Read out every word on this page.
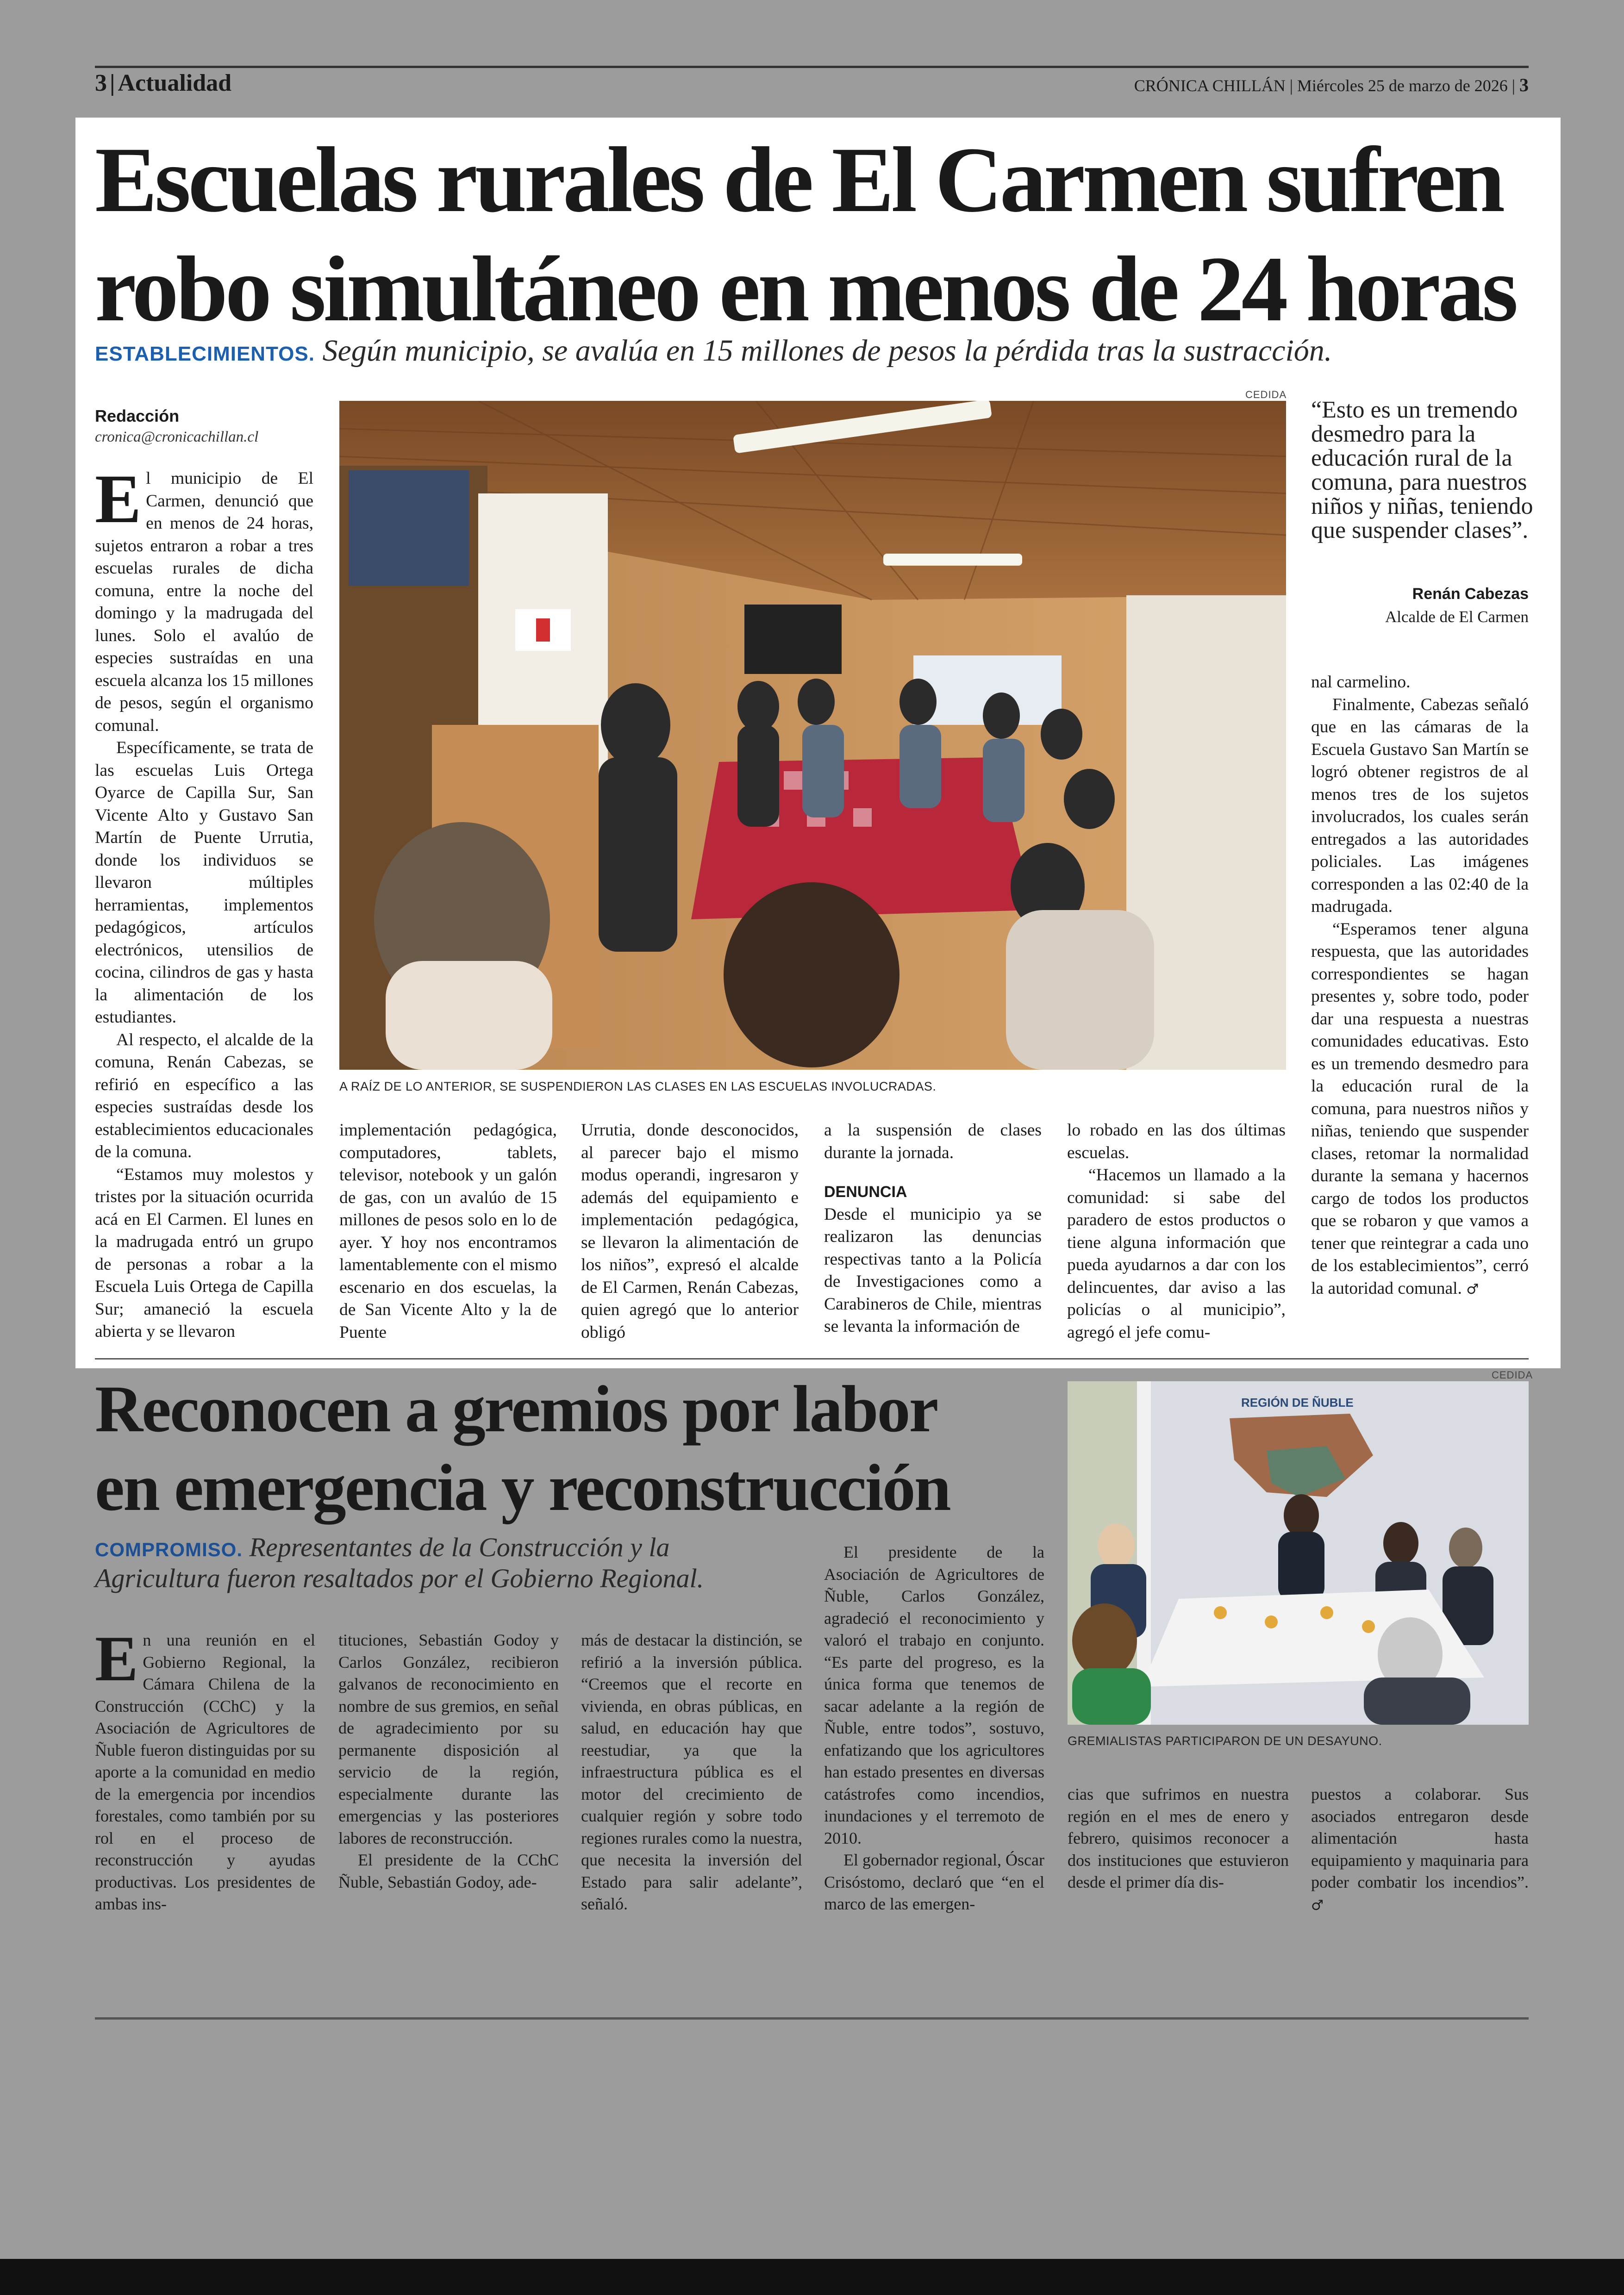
3 | Actualidad	CRÓNICA CHILLÁN | Miércoles 25 de marzo de 2026 | 3
Escuelas rurales de El Carmen sufren
robo simultáneo en menos de 24 horas
ESTABLECIMIENTOS. Según municipio, se avalúa en 15 millones de pesos la pérdida tras la sustracción.
Redacción
cronica@cronicachillan.cl

El municipio de El Carmen, denunció que en menos de 24 horas, sujetos entraron a robar a tres escuelas rurales de dicha comuna, entre la noche del domingo y la madrugada del lunes. Solo el avalúo de especies sustraídas en una escuela alcanza los 15 millones de pesos, según el organismo comunal.

Específicamente, se trata de las escuelas Luis Ortega Oyarce de Capilla Sur, San Vicente Alto y Gustavo San Martín de Puente Urrutia, donde los individuos se llevaron múltiples herramientas, implementos pedagógicos, artículos electrónicos, utensilios de cocina, cilindros de gas y hasta la alimentación de los estudiantes.

Al respecto, el alcalde de la comuna, Renán Cabezas, se refirió en específico a las especies sustraídas desde los establecimientos educacionales de la comuna.

“Estamos muy molestos y tristes por la situación ocurrida acá en El Carmen. El lunes en la madrugada entró un grupo de personas a robar a la Escuela Luis Ortega de Capilla Sur; amaneció la escuela abierta y se llevaron

CEDIDA
A RAÍZ DE LO ANTERIOR, SE SUSPENDIERON LAS CLASES EN LAS ESCUELAS INVOLUCRADAS.
“Esto es un tremendo desmedro para la educación rural de la comuna, para nuestros niños y niñas, teniendo que suspender clases”.
Renán Cabezas
Alcalde de El Carmen

implementación pedagógica, computadores, tablets, televisor, notebook y un galón de gas, con un avalúo de 15 millones de pesos solo en lo de ayer. Y hoy nos encontramos lamentablemente con el mismo escenario en dos escuelas, la de San Vicente Alto y la de Puente

Urrutia, donde desconocidos, al parecer bajo el mismo modus operandi, ingresaron y además del equipamiento e implementación pedagógica, se llevaron la alimentación de los niños”, expresó el alcalde de El Carmen, Renán Cabezas, quien agregó que lo anterior obligó

a la suspensión de clases durante la jornada.

DENUNCIA

Desde el municipio ya se realizaron las denuncias respectivas tanto a la Policía de Investigaciones como a Carabineros de Chile, mientras se levanta la información de

lo robado en las dos últimas escuelas.

“Hacemos un llamado a la comunidad: si sabe del paradero de estos productos o tiene alguna información que pueda ayudarnos a dar con los delincuentes, dar aviso a las policías o al municipio”, agregó el jefe comu-

nal carmelino.

Finalmente, Cabezas señaló que en las cámaras de la Escuela Gustavo San Martín se logró obtener registros de al menos tres de los sujetos involucrados, los cuales serán entregados a las autoridades policiales. Las imágenes corresponden a las 02:40 de la madrugada.

“Esperamos tener alguna respuesta, que las autoridades correspondientes se hagan presentes y, sobre todo, poder dar una respuesta a nuestras comunidades educativas. Esto es un tremendo desmedro para la educación rural de la comuna, para nuestros niños y niñas, teniendo que suspender clases, retomar la normalidad durante la semana y hacernos cargo de todos los productos que se robaron y que vamos a tener que reintegrar a cada uno de los establecimientos”, cerró la autoridad comunal. ♂

Reconocen a gremios por labor
en emergencia y reconstrucción
COMPROMISO. Representantes de la Construcción y la Agricultura fueron resaltados por el Gobierno Regional.

En una reunión en el Gobierno Regional, la Cámara Chilena de la Construcción (CChC) y la Asociación de Agricultores de Ñuble fueron distinguidas por su aporte a la comunidad en medio de la emergencia por incendios forestales, como también por su rol en el proceso de reconstrucción y ayudas productivas. Los presidentes de ambas ins-

tituciones, Sebastián Godoy y Carlos González, recibieron galvanos de reconocimiento en nombre de sus gremios, en señal de agradecimiento por su permanente disposición al servicio de la región, especialmente durante las emergencias y las posteriores labores de reconstrucción.

El presidente de la CChC Ñuble, Sebastián Godoy, ade-

más de destacar la distinción, se refirió a la inversión pública. “Creemos que el recorte en vivienda, en obras públicas, en salud, en educación hay que reestudiar, ya que la infraestructura pública es el motor del crecimiento de cualquier región y sobre todo regiones rurales como la nuestra, que necesita la inversión del Estado para salir adelante”, señaló.

El presidente de la Asociación de Agricultores de Ñuble, Carlos González, agradeció el reconocimiento y valoró el trabajo en conjunto. “Es parte del progreso, es la única forma que tenemos de sacar adelante a la región de Ñuble, entre todos”, sostuvo, enfatizando que los agricultores han estado presentes en diversas catástrofes como incendios, inundaciones y el terremoto de 2010.

El gobernador regional, Óscar Crisóstomo, declaró que “en el marco de las emergen-

cias que sufrimos en nuestra región en el mes de enero y febrero, quisimos reconocer a dos instituciones que estuvieron desde el primer día dis-

puestos a colaborar. Sus asociados entregaron desde alimentación hasta equipamiento y maquinaria para poder combatir los incendios”. ♂

CEDIDA
REGIÓN DE ÑUBLE
GREMIALISTAS PARTICIPARON DE UN DESAYUNO.
